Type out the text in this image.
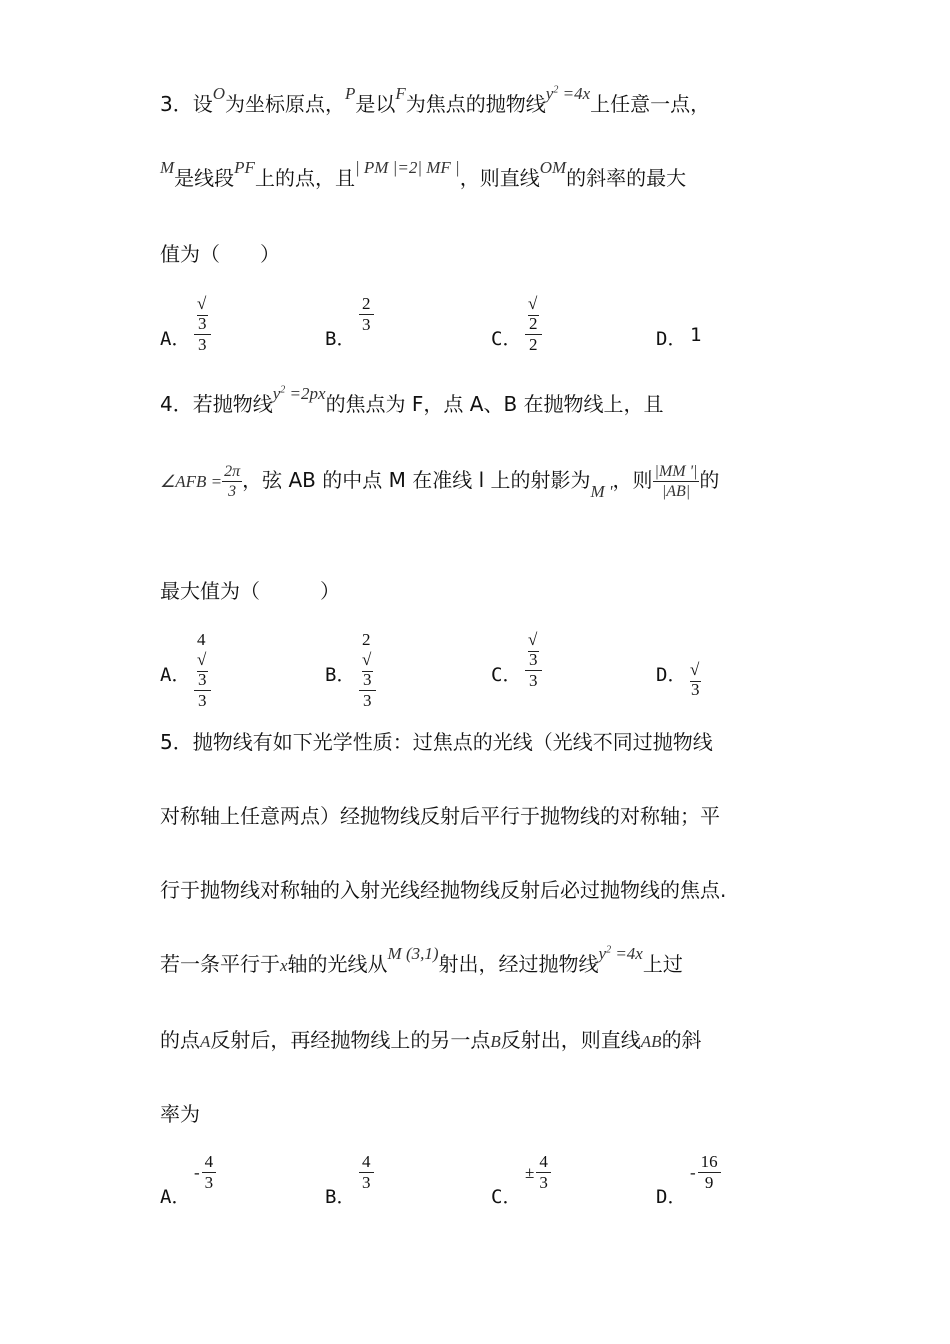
3．设$^O$为坐标原点，$^P$是以$^F$为焦点的抛物线$^{y^2 =4x}$上任意一点，
$^M$是线段$^{PF}$上的点，且$^{| PM |=2| MF |}$，则直线$^{OM}$的斜率的最大
值为（　　）
A．
√3
3	B．
2
3
C．
√2
2	D． 1
4．若抛物线$^{y^2 =2px}$的焦点为 F，点 A、B 在抛物线上，且
∠AFB = $\frac{2\pi}{3}$ ，弦 AB 的中点 M 在准线 l 上的射影为$_{M '}$，则 $\frac{|MM '|}{|AB|}$ 的
最大值为（　　　）
A．
4√3
3
B．
2√3
3
C．
√3
3	D． √3
5．抛物线有如下光学性质：过焦点的光线（光线不同过抛物线
对称轴上任意两点）经抛物线反射后平行于抛物线的对称轴；平
行于抛物线对称轴的入射光线经抛物线反射后必过抛物线的焦点.
若一条平行于x轴的光线从$^{M (3,1)}$射出，经过抛物线$^{y^2 =4x}$上过
的点A反射后，再经抛物线上的另一点B反射出，则直线AB的斜
率为
A．
-
4
3
B．
4
3
C．
± $\frac{4}{3}$
D．
-
16
9
